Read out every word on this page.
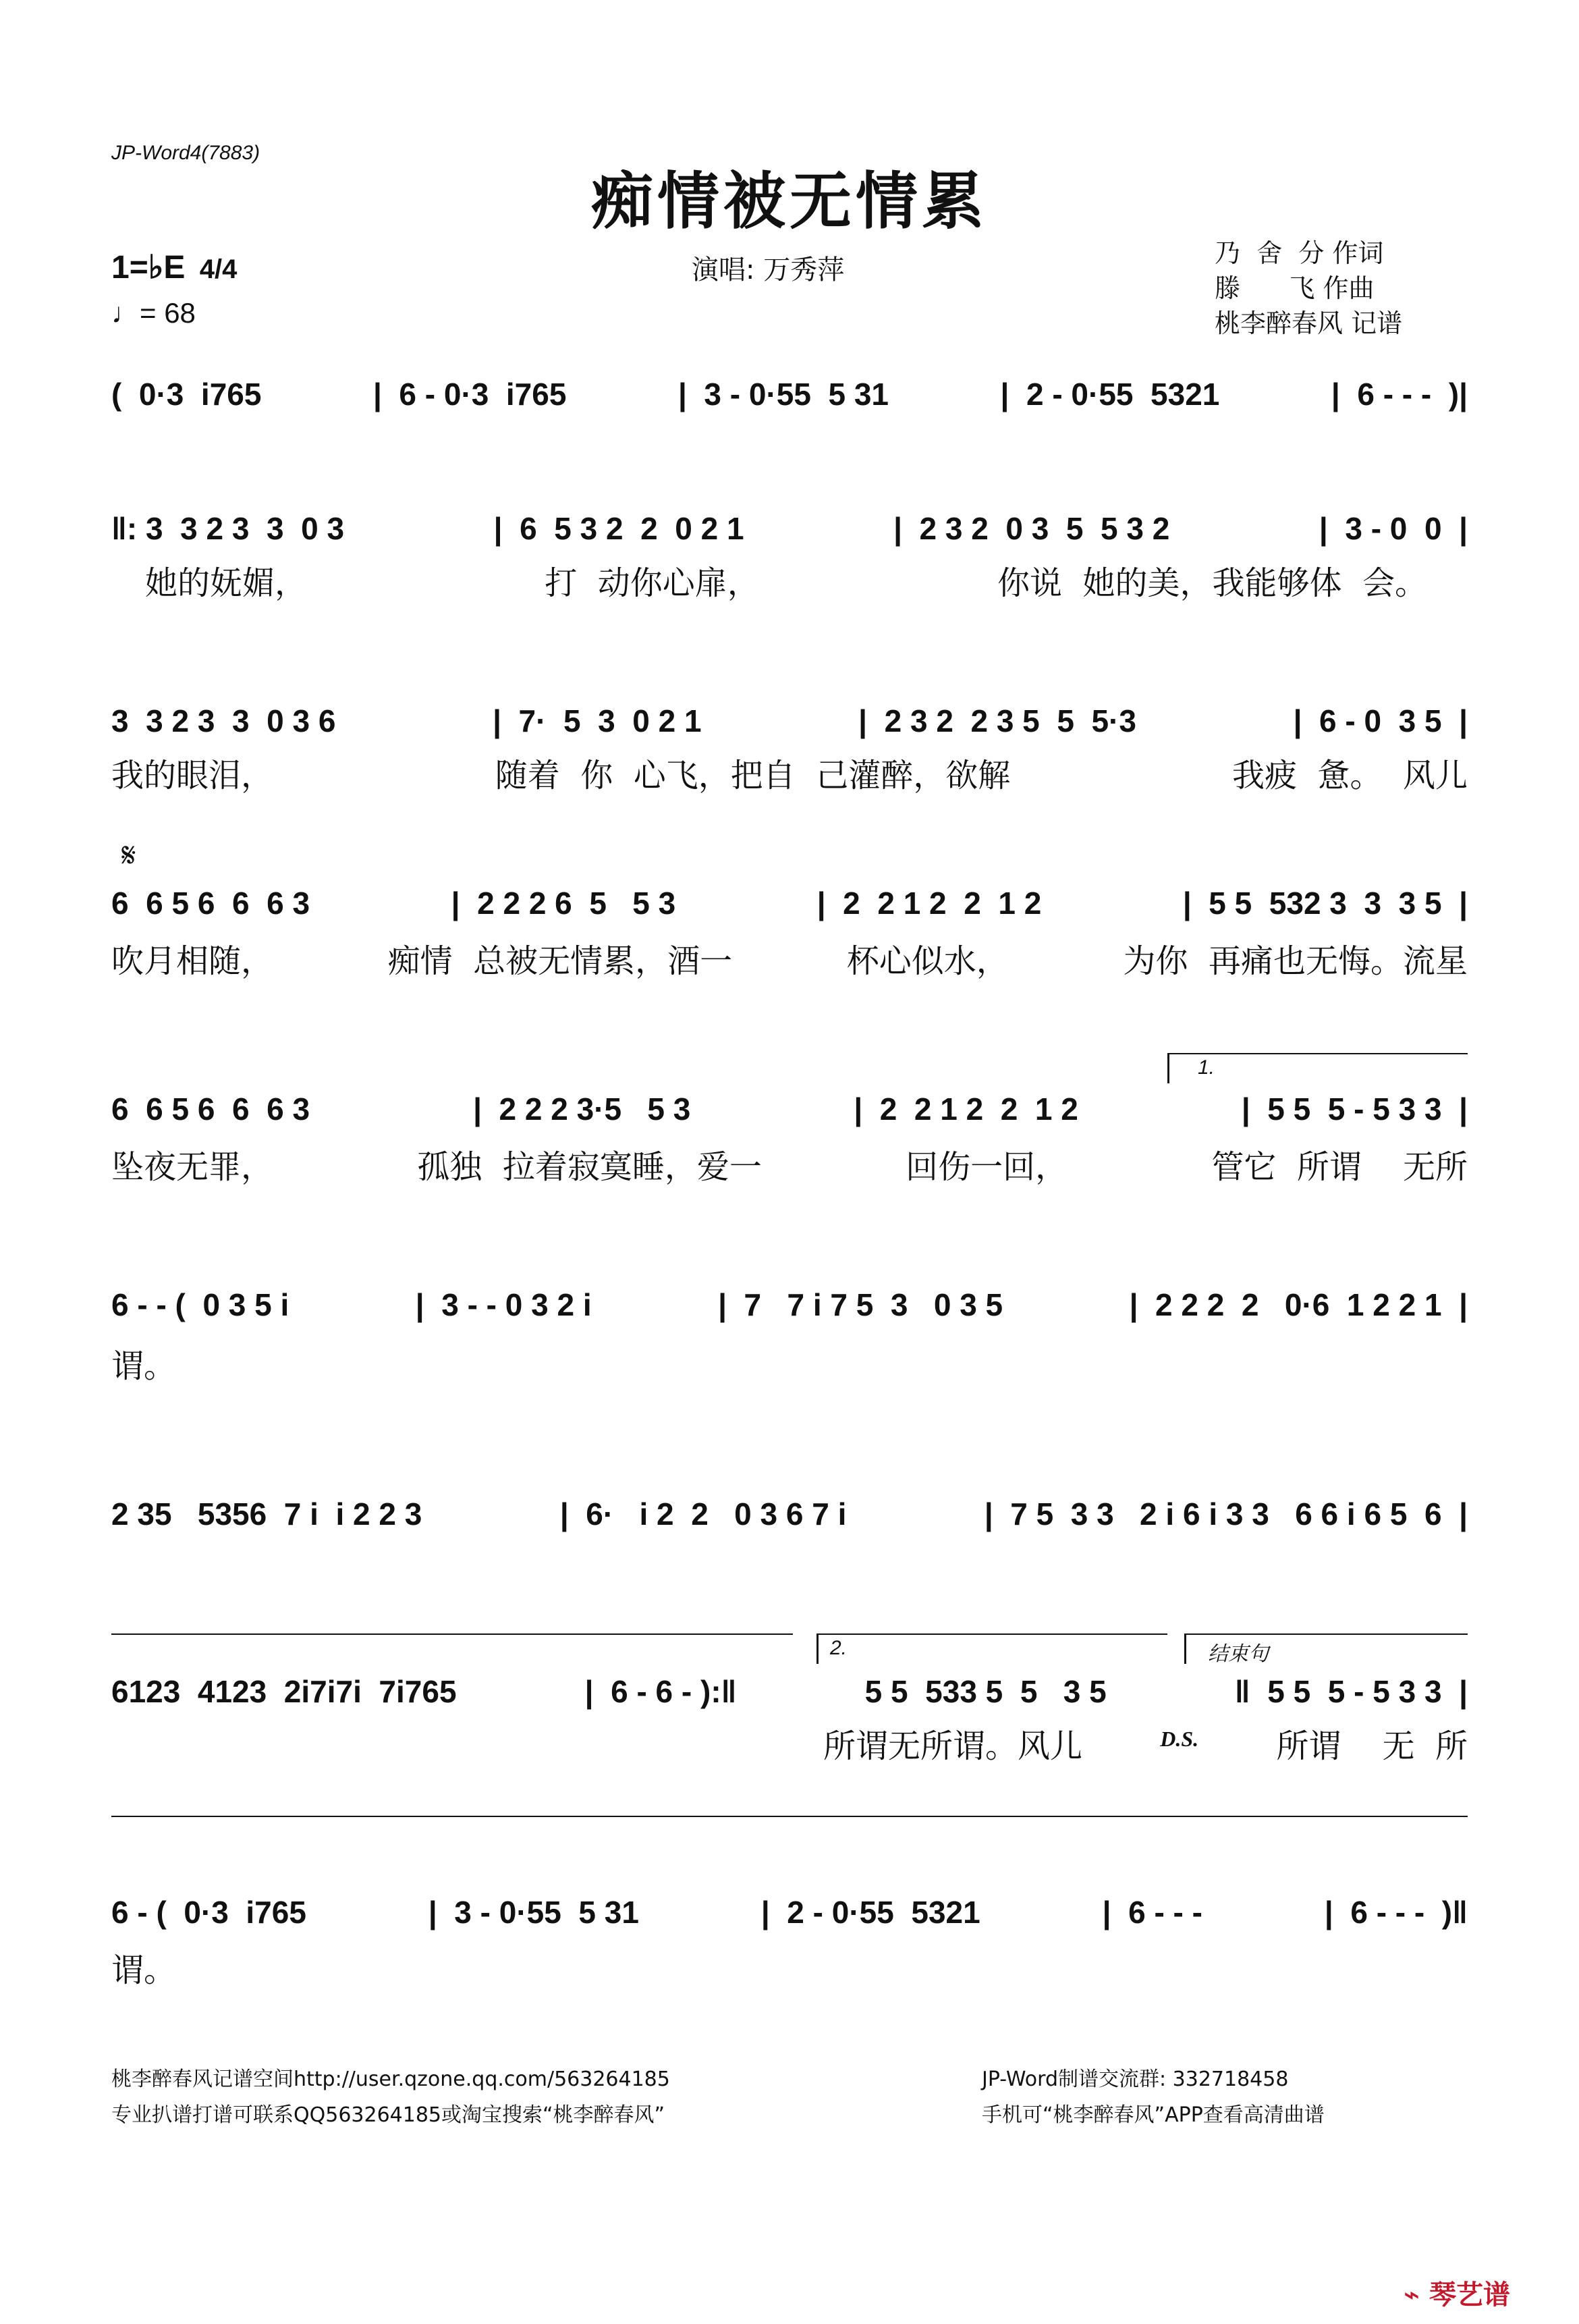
JP-Word4(7883)
痴情被无情累
1=♭E 4/4
♩= 68
演唱: 万秀萍
乃  舍  分 作词
滕      飞 作曲
桃李醉春风 记谱
(  0·3  i765	|  6 - 0·3  i765	|  3 - 0·55  5 31	|  2 - 0·55  5321	|  6 - - -  )|
‖: 3  3 2 3  3  0 3	|  6  5 3 2  2  0 2 1	|  2 3 2  0 3  5  5 3 2	|  3 - 0  0  |
她的妩媚，	打  动你心扉，	你说  她的美，我能够体  会。
3  3 2 3  3  0 3 6	|  7·  5  3  0 2 1	|  2 3 2  2 3 5  5  5·3	|  6 - 0  3 5  |
我的眼泪，	随着  你  心飞，把自  己灌醉，欲解	我疲  惫。  风儿
𝄋
6  6 5 6  6  6 3	|  2 2 2 6  5   5 3	|  2  2 1 2  2  1 2	|  5 5  532 3  3  3 5  |
吹月相随，	痴情  总被无情累，酒一	杯心似水，	为你  再痛也无悔。流星
1.
6  6 5 6  6  6 3	|  2 2 2 3·5   5 3	|  2  2 1 2  2  1 2	|  5 5  5 - 5 3 3  |
坠夜无罪，	孤独  拉着寂寞睡，爱一	回伤一回，	管它  所谓    无所
6 - - (  0 3 5 i	|  3 - - 0 3 2 i	|  7   7 i 7 5  3   0 3 5	|  2 2 2  2   0·6  1 2 2 1  |
谓。
2 35   5356  7 i  i 2 2 3	|  6·   i 2  2   0 3 6 7 i	|  7 5  3 3   2 i 6 i 3 3   6 6 i 6 5  6  |
2.	结束句
6123  4123  2i7i7i  7i765	|  6 - 6 - ):‖	5 5  533 5  5   3 5	‖  5 5  5 - 5 3 3  |
所谓无所谓。风儿	D.S. 所谓    无  所
6 - (  0·3  i765	|  3 - 0·55  5 31	|  2 - 0·55  5321	|  6 - - -	|  6 - - -  )‖
谓。
桃李醉春风记谱空间http://user.qzone.qq.com/563264185
专业扒谱打谱可联系QQ563264185或淘宝搜索“桃李醉春风”
JP-Word制谱交流群: 332718458
手机可“桃李醉春风”APP查看高清曲谱
⌁ 琴艺谱
